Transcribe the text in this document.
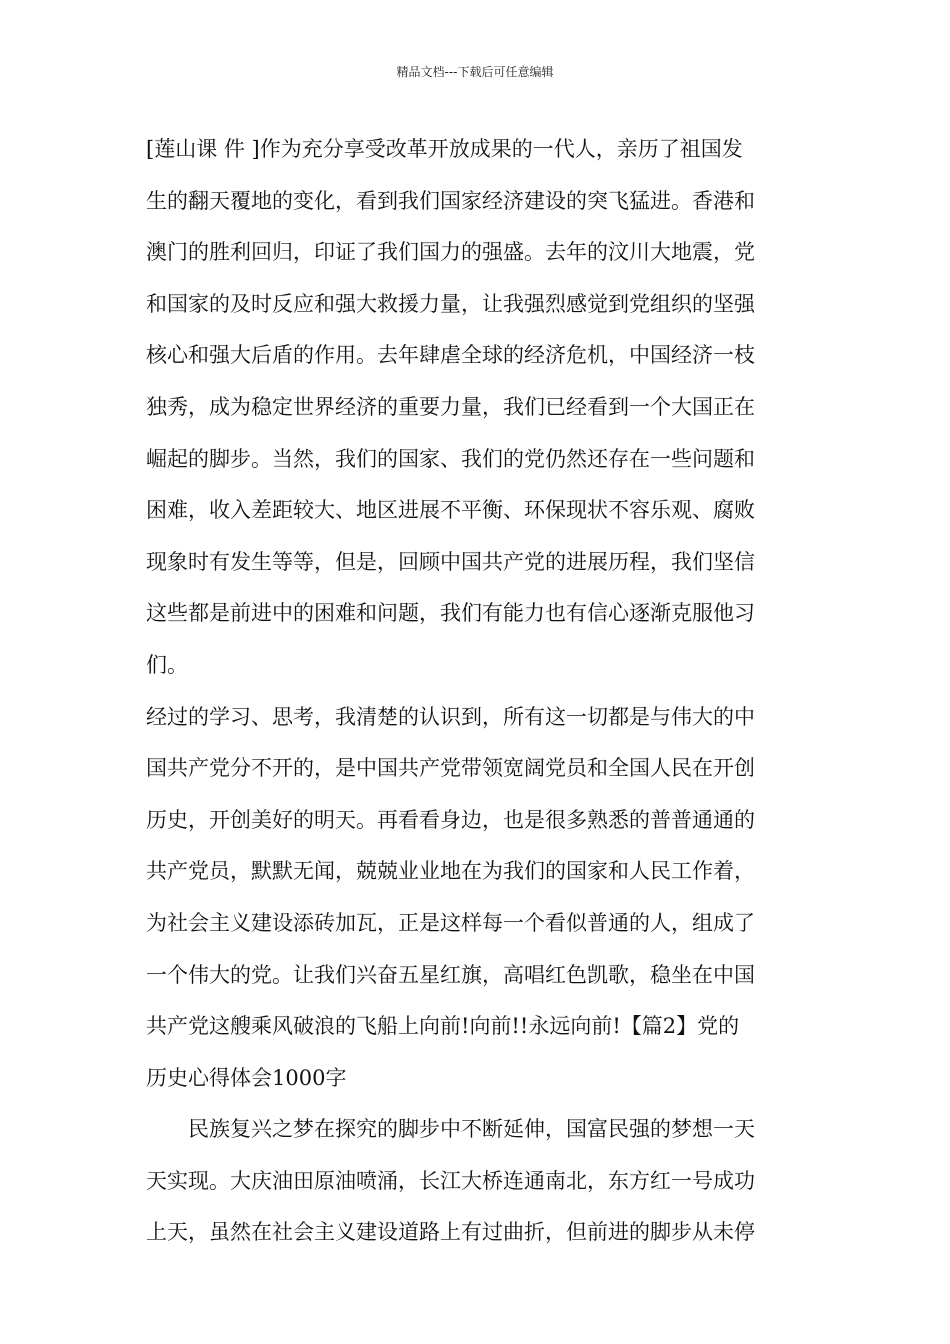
精品文档---下载后可任意编辑
[莲山课 件 ]作为充分享受改革开放成果的一代人，亲历了祖国发
生的翻天覆地的变化，看到我们国家经济建设的突飞猛进。香港和
澳门的胜利回归，印证了我们国力的强盛。去年的汶川大地震，党
和国家的及时反应和强大救援力量，让我强烈感觉到党组织的坚强
核心和强大后盾的作用。去年肆虐全球的经济危机，中国经济一枝
独秀，成为稳定世界经济的重要力量，我们已经看到一个大国正在
崛起的脚步。当然，我们的国家、我们的党仍然还存在一些问题和
困难，收入差距较大、地区进展不平衡、环保现状不容乐观、腐败
现象时有发生等等，但是，回顾中国共产党的进展历程，我们坚信
这些都是前进中的困难和问题，我们有能力也有信心逐渐克服他习
们。
经过的学习、思考，我清楚的认识到，所有这一切都是与伟大的中
国共产党分不开的，是中国共产党带领宽阔党员和全国人民在开创
历史，开创美好的明天。再看看身边，也是很多熟悉的普普通通的
共产党员，默默无闻，兢兢业业地在为我们的国家和人民工作着，
为社会主义建设添砖加瓦，正是这样每一个看似普通的人，组成了
一个伟大的党。让我们兴奋五星红旗，高唱红色凯歌，稳坐在中国
共产党这艘乘风破浪的飞船上向前!向前!!永远向前!【篇2】党的
历史心得体会1000字
民族复兴之梦在探究的脚步中不断延伸，国富民强的梦想一天
天实现。大庆油田原油喷涌，长江大桥连通南北，东方红一号成功
上天，虽然在社会主义建设道路上有过曲折，但前进的脚步从未停
